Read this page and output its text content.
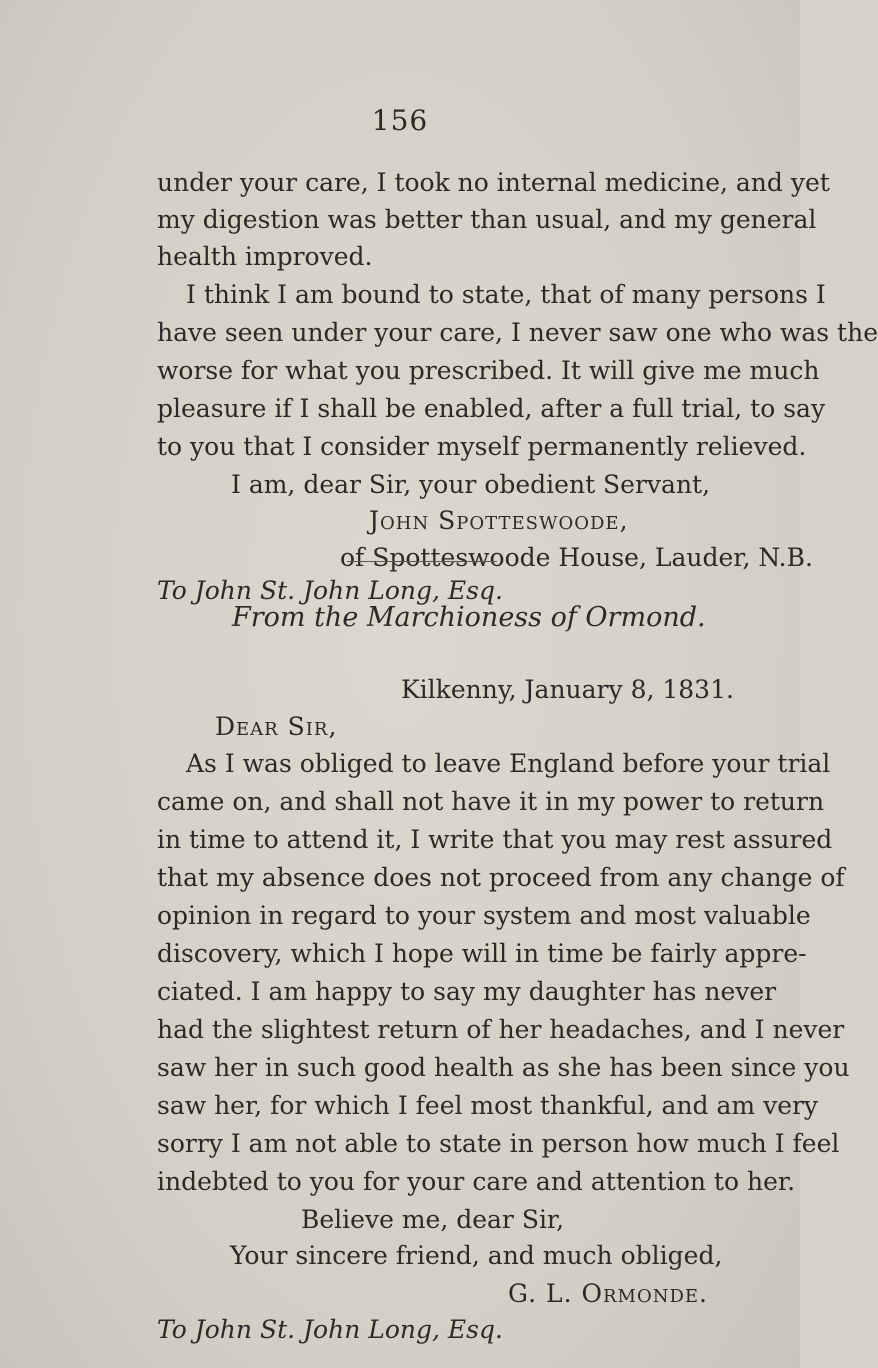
156
under your care, I took no internal medicine, and yet
my digestion was better than usual, and my general
health improved.
I think I am bound to state, that of many persons I
have seen under your care, I never saw one who was the
worse for what you prescribed. It will give me much
pleasure if I shall be enabled, after a full trial, to say
to you that I consider myself permanently relieved.
I am, dear Sir, your obedient Servant,
John Spotteswoode,
of Spotteswoode House, Lauder, N.B.
To John St. John Long, Esq.
From the Marchioness of Ormond.
Kilkenny, January 8, 1831.
Dear Sir,
As I was obliged to leave England before your trial
came on, and shall not have it in my power to return
in time to attend it, I write that you may rest assured
that my absence does not proceed from any change of
opinion in regard to your system and most valuable
discovery, which I hope will in time be fairly appre-
ciated. I am happy to say my daughter has never
had the slightest return of her headaches, and I never
saw her in such good health as she has been since you
saw her, for which I feel most thankful, and am very
sorry I am not able to state in person how much I feel
indebted to you for your care and attention to her.
Believe me, dear Sir,
Your sincere friend, and much obliged,
G. L. Ormonde.
To John St. John Long, Esq.
